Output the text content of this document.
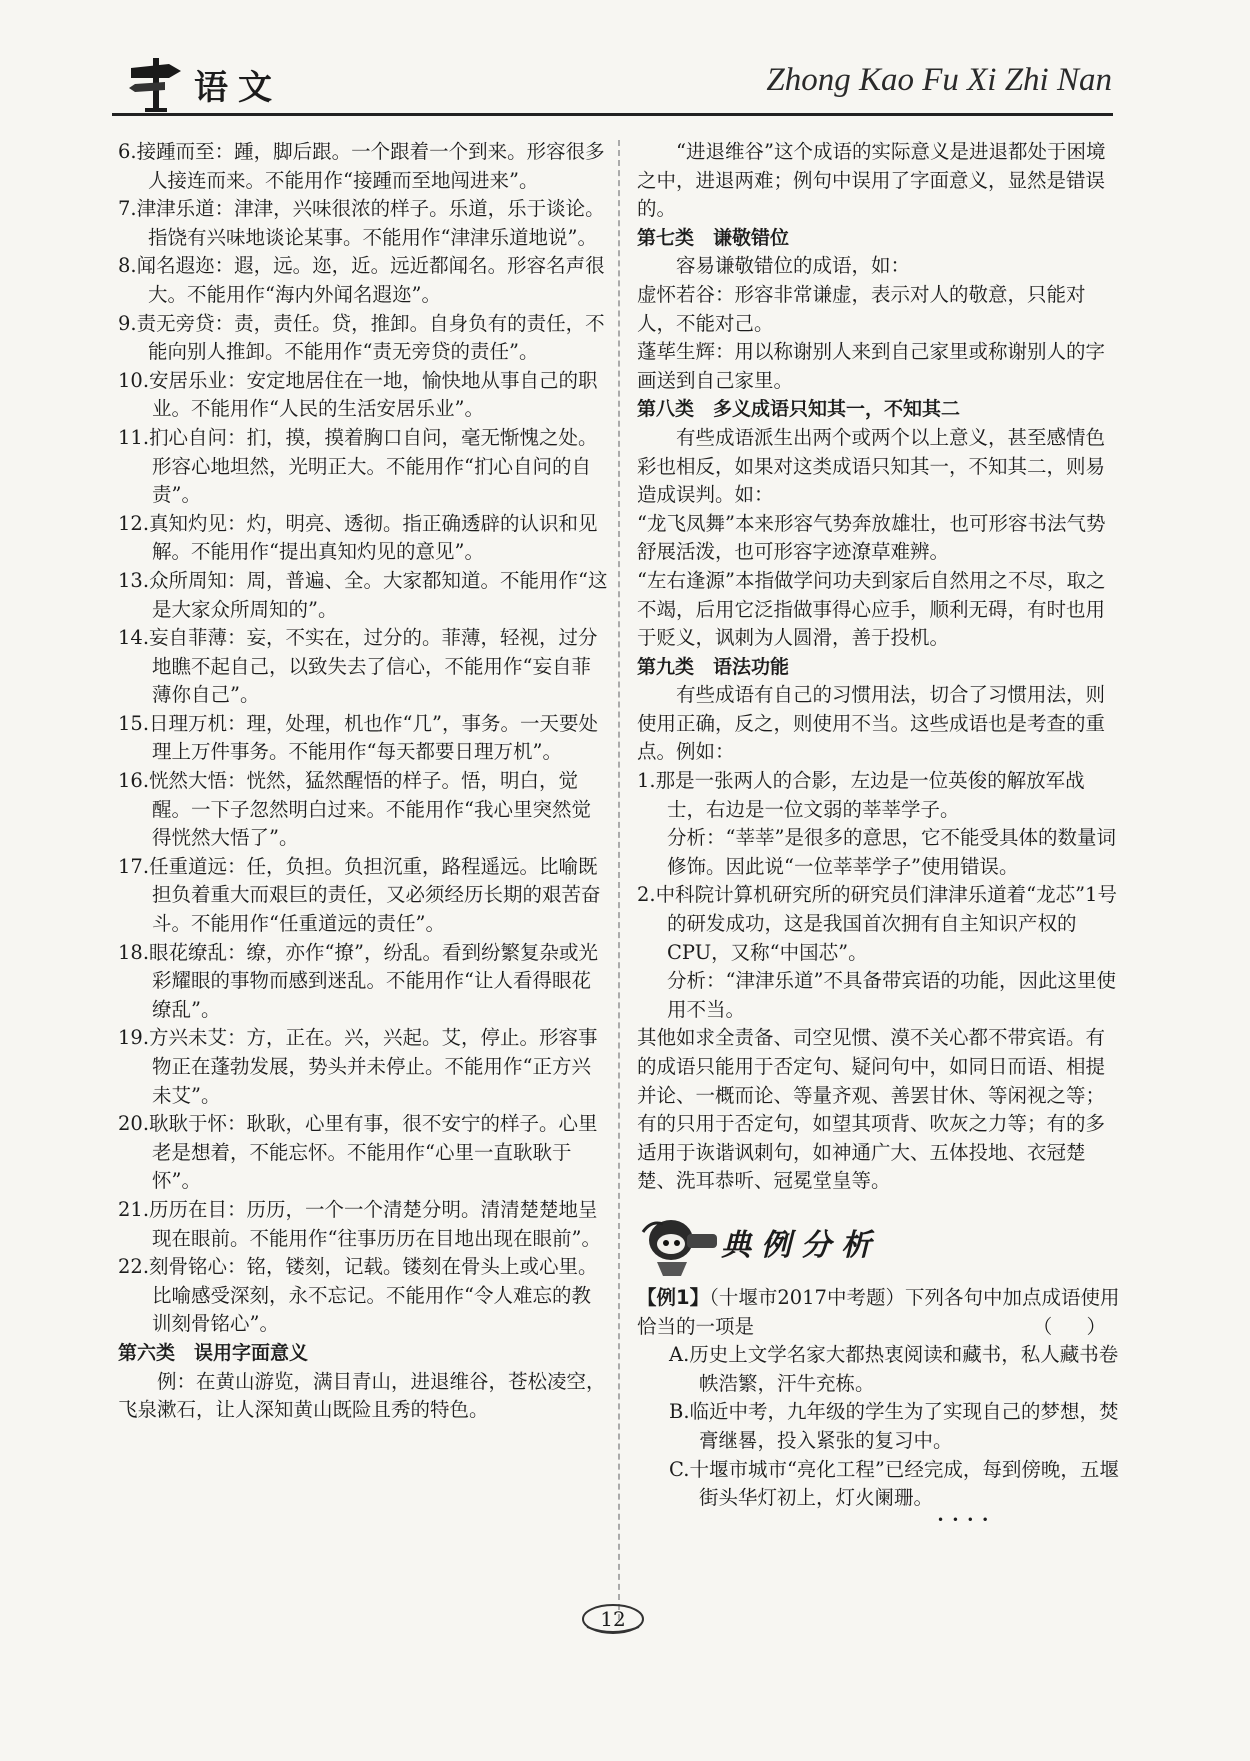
语文	Zhong Kao Fu Xi Zhi Nan

6.接踵而至：踵，脚后跟。一个跟着一个到来。形容很多人接连而来。不能用作“接踵而至地闯进来”。

7.津津乐道：津津，兴味很浓的样子。乐道，乐于谈论。指饶有兴味地谈论某事。不能用作“津津乐道地说”。

8.闻名遐迩：遐，远。迩，近。远近都闻名。形容名声很大。不能用作“海内外闻名遐迩”。

9.责无旁贷：责，责任。贷，推卸。自身负有的责任，不能向别人推卸。不能用作“责无旁贷的责任”。

10.安居乐业：安定地居住在一地，愉快地从事自己的职业。不能用作“人民的生活安居乐业”。

11.扪心自问：扪，摸，摸着胸口自问，毫无惭愧之处。形容心地坦然，光明正大。不能用作“扪心自问的自责”。

12.真知灼见：灼，明亮、透彻。指正确透辟的认识和见解。不能用作“提出真知灼见的意见”。

13.众所周知：周，普遍、全。大家都知道。不能用作“这是大家众所周知的”。

14.妄自菲薄：妄，不实在，过分的。菲薄，轻视，过分地瞧不起自己，以致失去了信心，不能用作“妄自菲薄你自己”。

15.日理万机：理，处理，机也作“几”，事务。一天要处理上万件事务。不能用作“每天都要日理万机”。

16.恍然大悟：恍然，猛然醒悟的样子。悟，明白，觉醒。一下子忽然明白过来。不能用作“我心里突然觉得恍然大悟了”。

17.任重道远：任，负担。负担沉重，路程遥远。比喻既担负着重大而艰巨的责任，又必须经历长期的艰苦奋斗。不能用作“任重道远的责任”。

18.眼花缭乱：缭，亦作“撩”，纷乱。看到纷繁复杂或光彩耀眼的事物而感到迷乱。不能用作“让人看得眼花缭乱”。

19.方兴未艾：方，正在。兴，兴起。艾，停止。形容事物正在蓬勃发展，势头并未停止。不能用作“正方兴未艾”。

20.耿耿于怀：耿耿，心里有事，很不安宁的样子。心里老是想着，不能忘怀。不能用作“心里一直耿耿于怀”。

21.历历在目：历历，一个一个清楚分明。清清楚楚地呈现在眼前。不能用作“往事历历在目地出现在眼前”。

22.刻骨铭心：铭，镂刻，记载。镂刻在骨头上或心里。比喻感受深刻，永不忘记。不能用作“令人难忘的教训刻骨铭心”。

第六类　误用字面意义

例：在黄山游览，满目青山，进退维谷，苍松凌空，飞泉漱石，让人深知黄山既险且秀的特色。

“进退维谷”这个成语的实际意义是进退都处于困境之中，进退两难；例句中误用了字面意义，显然是错误的。

第七类　谦敬错位

容易谦敬错位的成语，如：

虚怀若谷：形容非常谦虚，表示对人的敬意，只能对人，不能对己。

蓬荜生辉：用以称谢别人来到自己家里或称谢别人的字画送到自己家里。

第八类　多义成语只知其一，不知其二

有些成语派生出两个或两个以上意义，甚至感情色彩也相反，如果对这类成语只知其一，不知其二，则易造成误判。如：

“龙飞凤舞”本来形容气势奔放雄壮，也可形容书法气势舒展活泼，也可形容字迹潦草难辨。

“左右逢源”本指做学问功夫到家后自然用之不尽，取之不竭，后用它泛指做事得心应手，顺利无碍，有时也用于贬义，讽刺为人圆滑，善于投机。

第九类　语法功能

有些成语有自己的习惯用法，切合了习惯用法，则使用正确，反之，则使用不当。这些成语也是考查的重点。例如：

1.那是一张两人的合影，左边是一位英俊的解放军战士，右边是一位文弱的莘莘学子。

分析：“莘莘”是很多的意思，它不能受具体的数量词修饰。因此说“一位莘莘学子”使用错误。

2.中科院计算机研究所的研究员们津津乐道着“龙芯”1号的研发成功，这是我国首次拥有自主知识产权的CPU，又称“中国芯”。

分析：“津津乐道”不具备带宾语的功能，因此这里使用不当。

其他如求全责备、司空见惯、漠不关心都不带宾语。有的成语只能用于否定句、疑问句中，如同日而语、相提并论、一概而论、等量齐观、善罢甘休、等闲视之等；有的只用于否定句，如望其项背、吹灰之力等；有的多适用于诙谐讽刺句，如神通广大、五体投地、衣冠楚楚、洗耳恭听、冠冕堂皇等。

典例分析

【例1】（十堰市2017中考题）下列各句中加点成语使用恰当的一项是	（ ）

A.历史上文学名家大都热衷阅读和藏书，私人藏书卷帙浩繁，汗牛充栋。

B.临近中考，九年级的学生为了实现自己的梦想，焚膏继晷，投入紧张的复习中。

C.十堰市城市“亮化工程”已经完成，每到傍晚，五堰街头华灯初上，灯火阑珊。

• • • •

12
